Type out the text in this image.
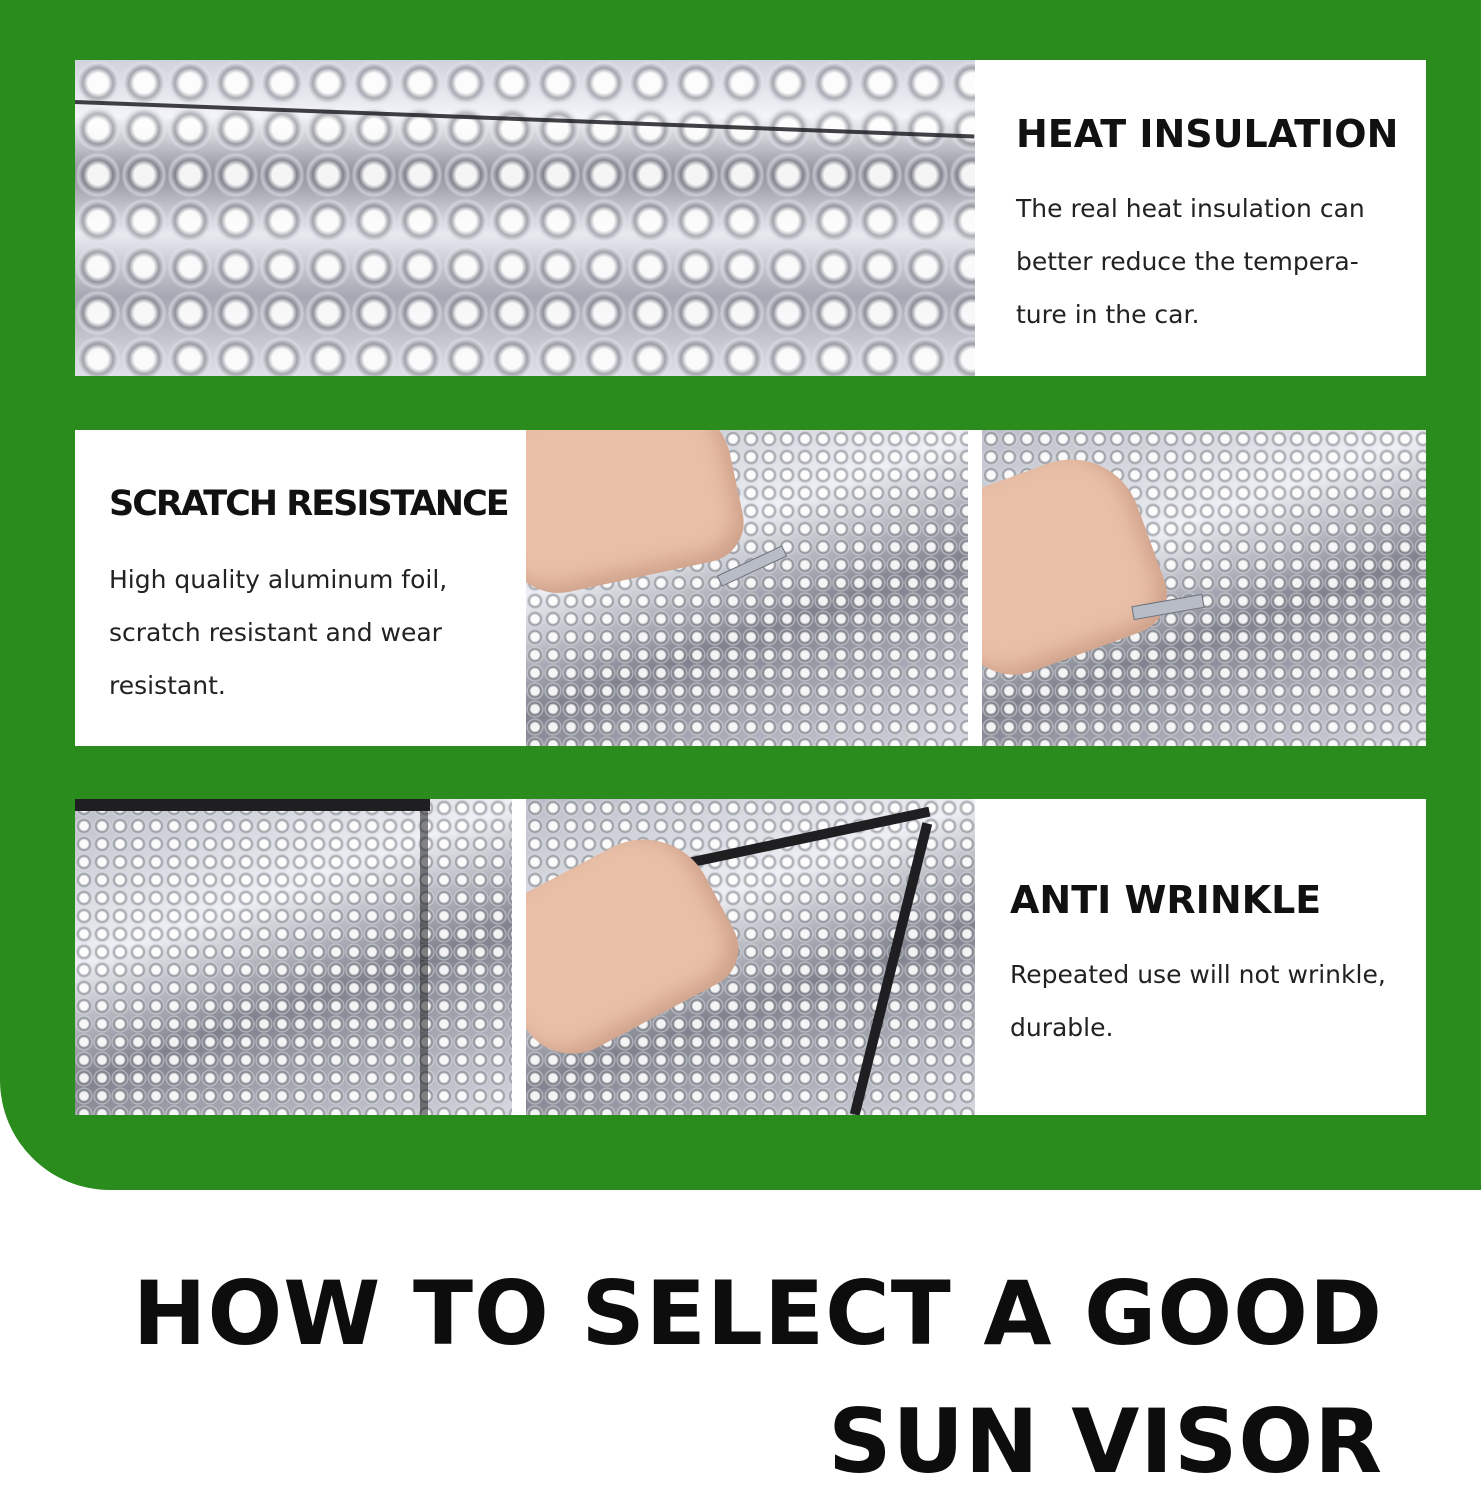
HEAT INSULATION

The real heat insulation can

better reduce the tempera-

ture in the car.

SCRATCH RESISTANCE

High quality aluminum foil,

scratch resistant and wear

resistant.

ANTI WRINKLE

Repeated use will not wrinkle,

durable.

HOW TO SELECT A GOOD
SUN VISOR
